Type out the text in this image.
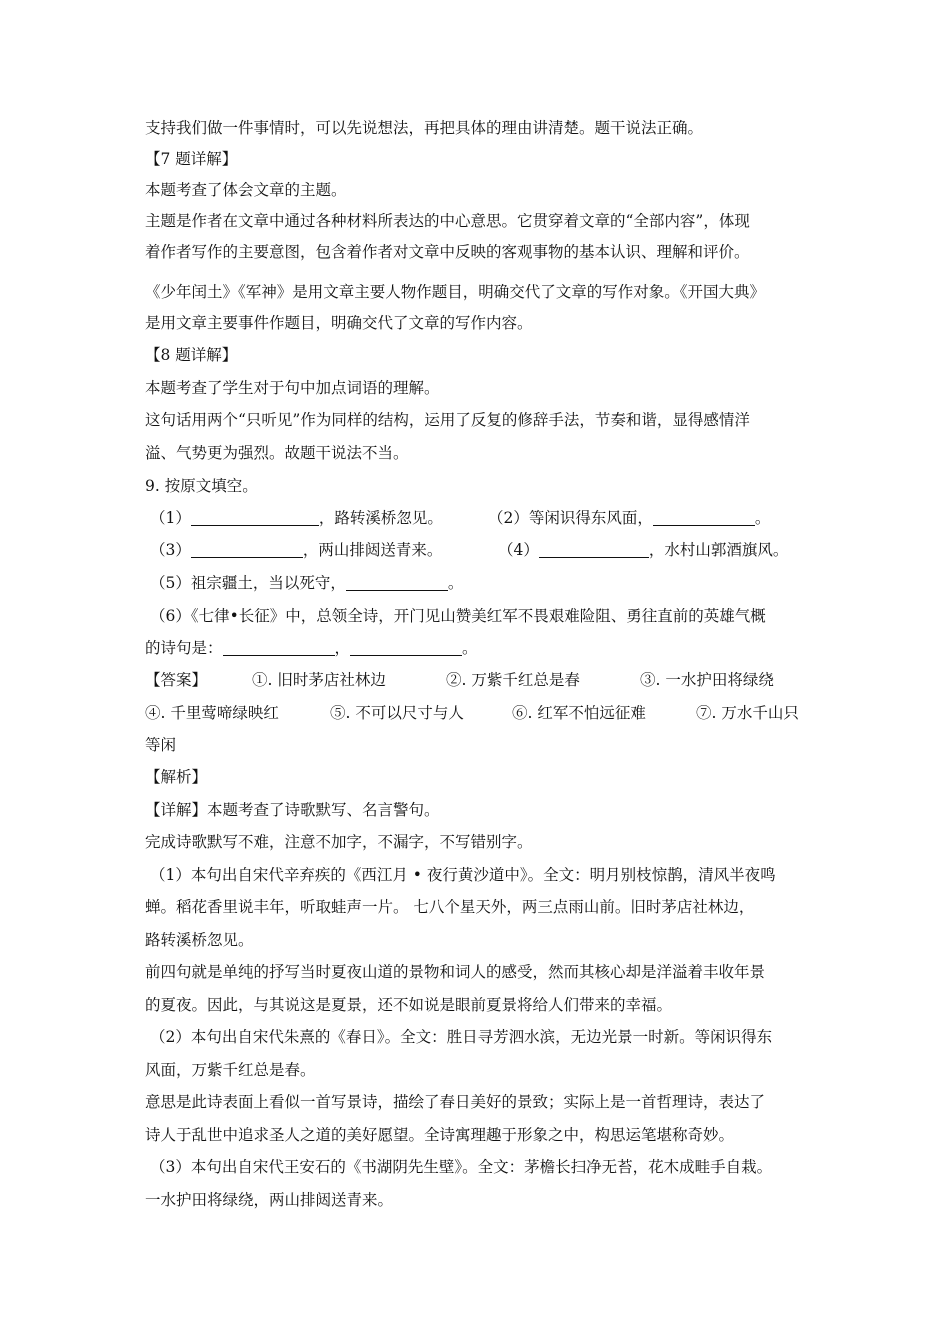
支持我们做一件事情时，可以先说想法，再把具体的理由讲清楚。题干说法正确。
【7 题详解】
本题考查了体会文章的主题。
主题是作者在文章中通过各种材料所表达的中心意思。它贯穿着文章的“全部内容”，体现
着作者写作的主要意图，包含着作者对文章中反映的客观事物的基本认识、理解和评价。
《少年闰土》《军神》是用文章主要人物作题目，明确交代了文章的写作对象。《开国大典》
是用文章主要事件作题目，明确交代了文章的写作内容。
【8 题详解】
本题考查了学生对于句中加点词语的理解。
这句话用两个“只听见”作为同样的结构，运用了反复的修辞手法，节奏和谐，显得感情洋
溢、气势更为强烈。故题干说法不当。
9. 按原文填空。
（1）	，路转溪桥忽见。	（2）等闲识得东风面，	。
（3）	，两山排闼送青来。	（4）	，水村山郭酒旗风。
（5）祖宗疆土，当以死守，	。
（6）《七律•长征》中，总领全诗，开门见山赞美红军不畏艰难险阻、勇往直前的英雄气概
的诗句是：	，	。
【答案】	①. 旧时茅店社林边	②. 万紫千红总是春	③. 一水护田将绿绕
④. 千里莺啼绿映红	⑤. 不可以尺寸与人	⑥. 红军不怕远征难	⑦. 万水千山只
等闲
【解析】
【详解】本题考查了诗歌默写、名言警句。
完成诗歌默写不难，注意不加字，不漏字，不写错别字。
（1）本句出自宋代辛弃疾的《西江月 • 夜行黄沙道中》。全文：明月别枝惊鹊，清风半夜鸣
蝉。稻花香里说丰年，听取蛙声一片。 七八个星天外，两三点雨山前。旧时茅店社林边，
路转溪桥忽见。
前四句就是单纯的抒写当时夏夜山道的景物和词人的感受，然而其核心却是洋溢着丰收年景
的夏夜。因此，与其说这是夏景，还不如说是眼前夏景将给人们带来的幸福。
（2）本句出自宋代朱熹的《春日》。全文：胜日寻芳泗水滨，无边光景一时新。等闲识得东
风面，万紫千红总是春。
意思是此诗表面上看似一首写景诗，描绘了春日美好的景致；实际上是一首哲理诗，表达了
诗人于乱世中追求圣人之道的美好愿望。全诗寓理趣于形象之中，构思运笔堪称奇妙。
（3）本句出自宋代王安石的《书湖阴先生壁》。全文：茅檐长扫净无苔，花木成畦手自栽。
一水护田将绿绕，两山排闼送青来。
